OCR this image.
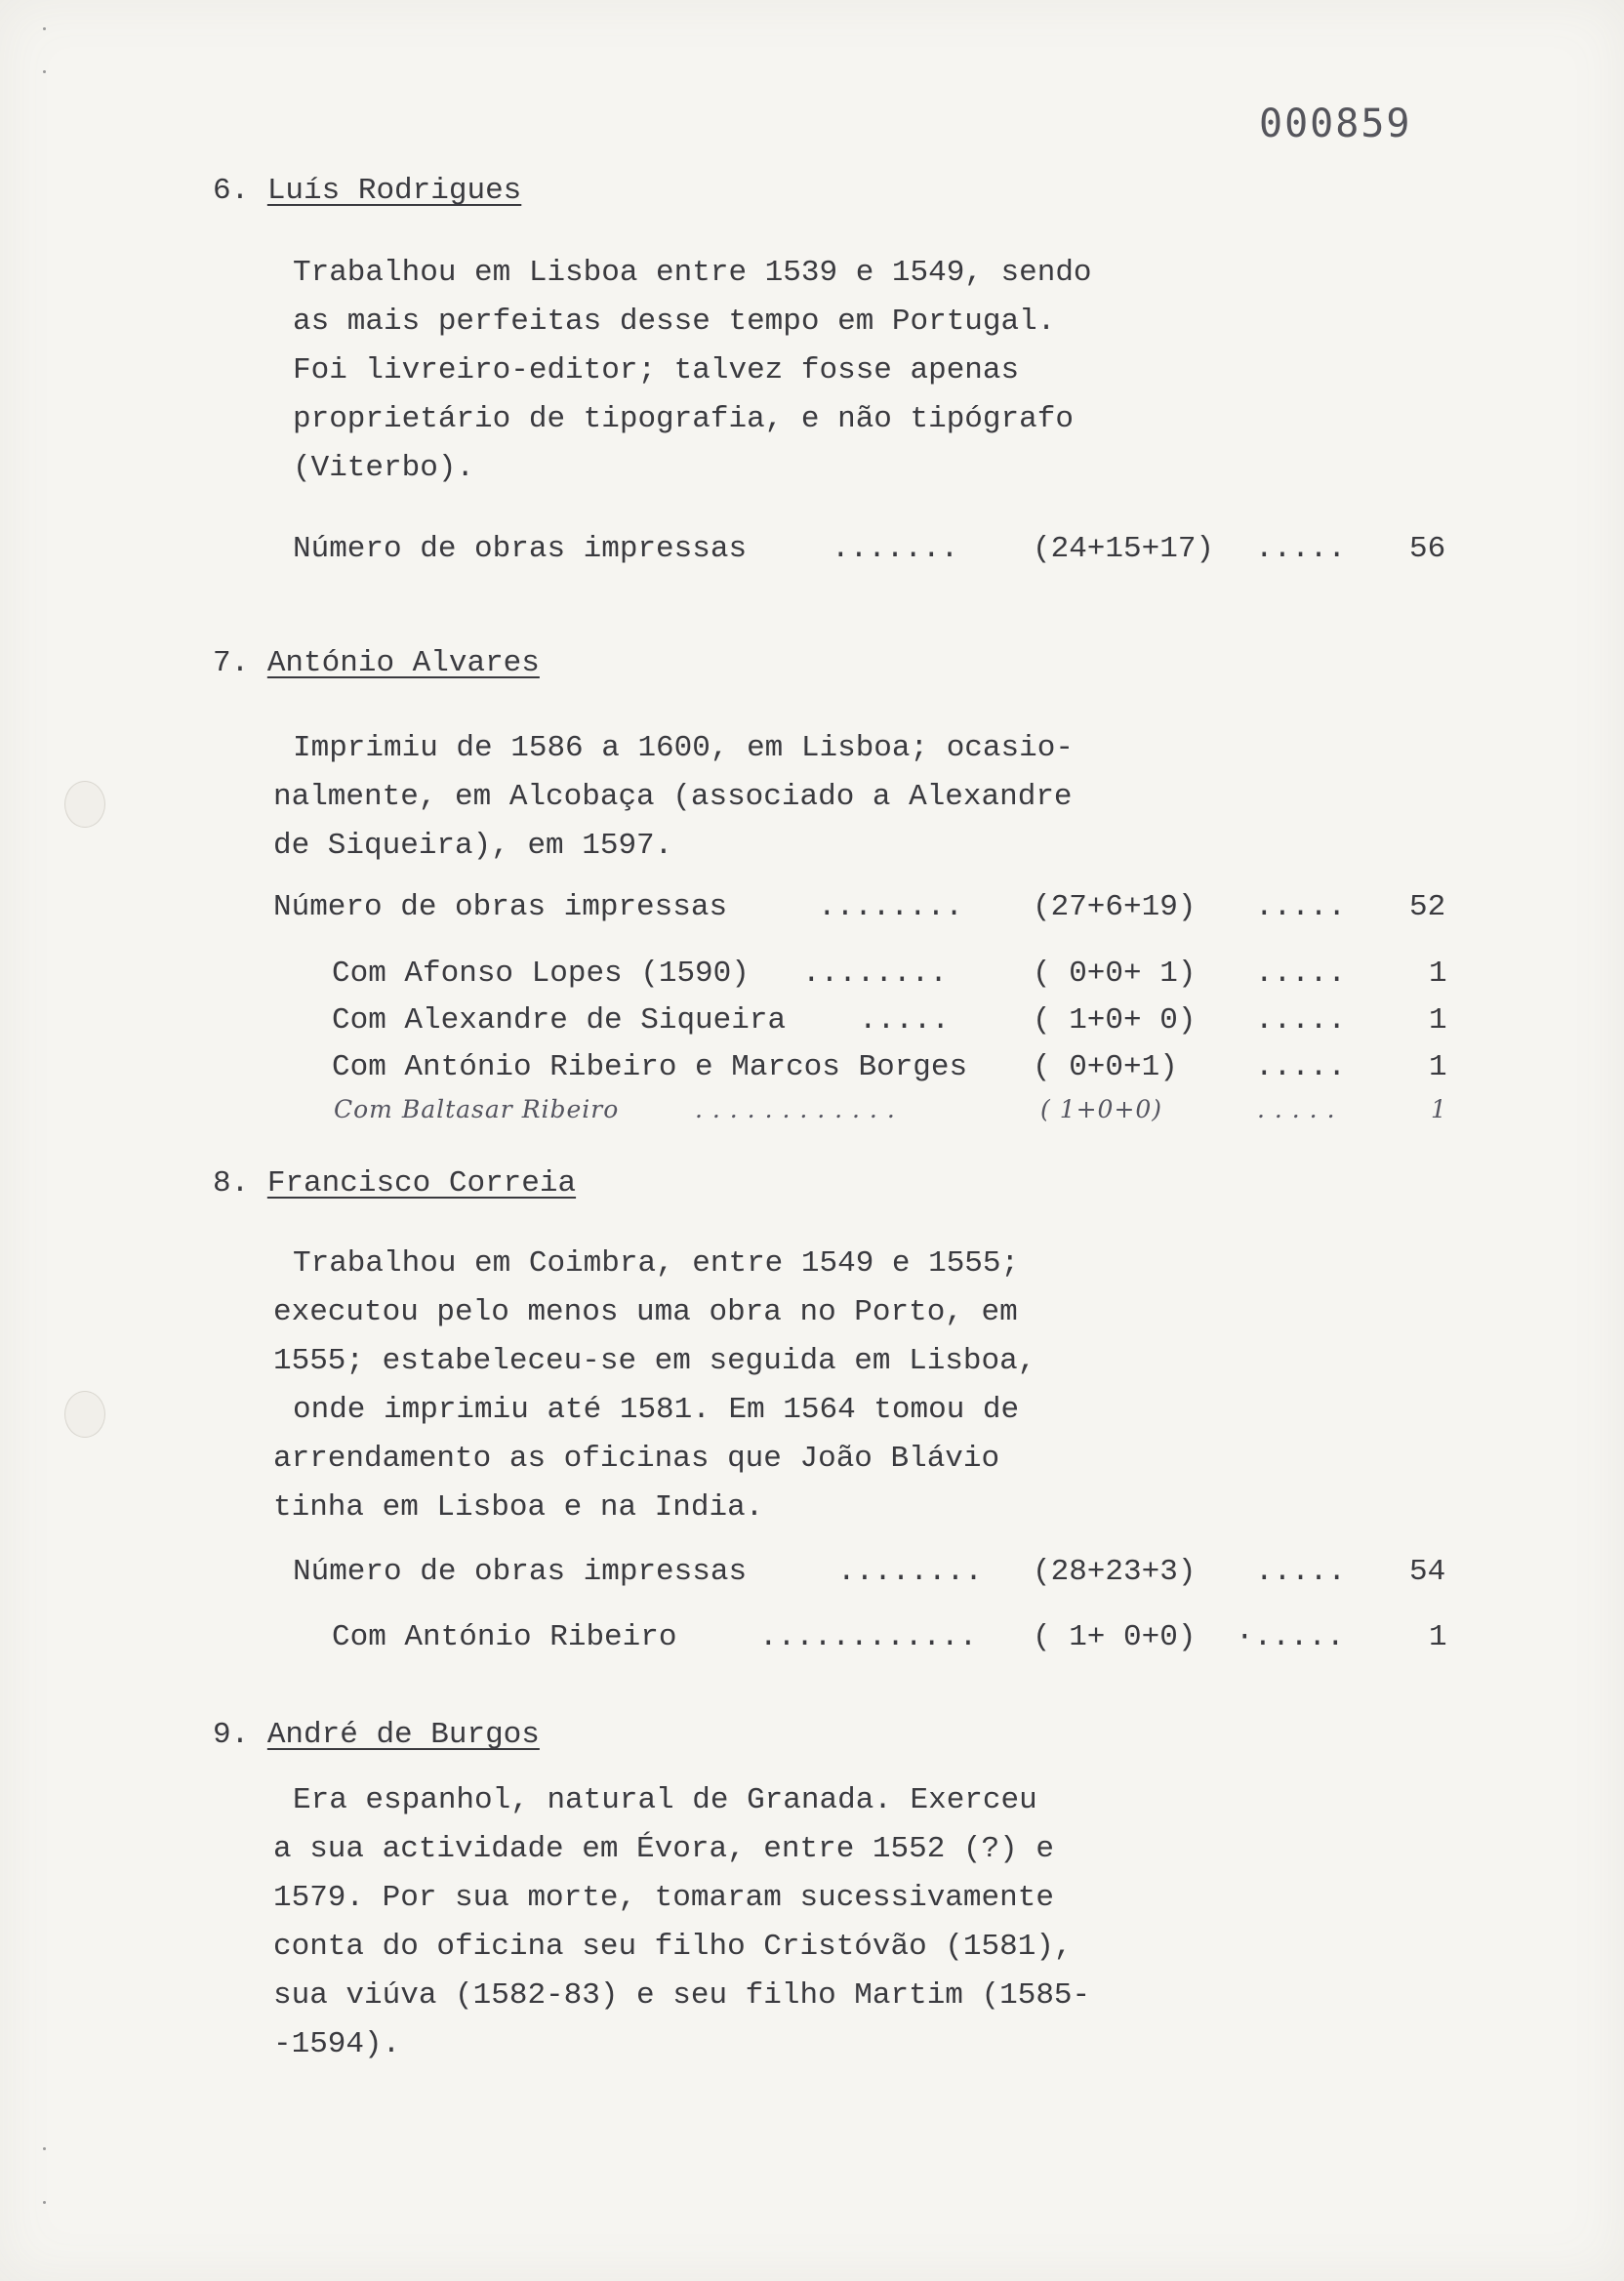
000859
6. Luís Rodrigues
Trabalhou em Lisboa entre 1539 e 1549, sendo
as mais perfeitas desse tempo em Portugal.
Foi livreiro-editor; talvez fosse apenas
proprietário de tipografia, e não tipógrafo
(Viterbo).
Número de obras impressas	....... (24+15+17) ..... 56
7. António Alvares
Imprimiu de 1586 a 1600, em Lisboa; ocasio-
nalmente, em Alcobaça (associado a Alexandre
de Siqueira), em 1597.
Número de obras impressas	........ (27+6+19) ..... 52
Com Afonso Lopes (1590) ........	( 0+0+ 1) .....	1
Com Alexandre de Siqueira .....	( 1+0+ 0) .....	1
Com António Ribeiro e Marcos Borges ( 0+0+1)	.....	1
Com Baltasar Ribeiro	. . . . . . . . . . . .	( 1+0+0)	. . . . .	1
8. Francisco Correia
Trabalhou em Coimbra, entre 1549 e 1555;
executou pelo menos uma obra no Porto, em
1555; estabeleceu-se em seguida em Lisboa,
onde imprimiu até 1581. Em 1564 tomou de
arrendamento as oficinas que João Blávio
tinha em Lisboa e na India.
Número de obras impressas	........ (28+23+3) ..... 54
Com António Ribeiro	............ ( 1+ 0+0) ·.....	1
9. André de Burgos
Era espanhol, natural de Granada. Exerceu
a sua actividade em Évora, entre 1552 (?) e
1579. Por sua morte, tomaram sucessivamente
conta do oficina seu filho Cristóvão (1581),
sua viúva (1582-83) e seu filho Martim (1585-
-1594).
